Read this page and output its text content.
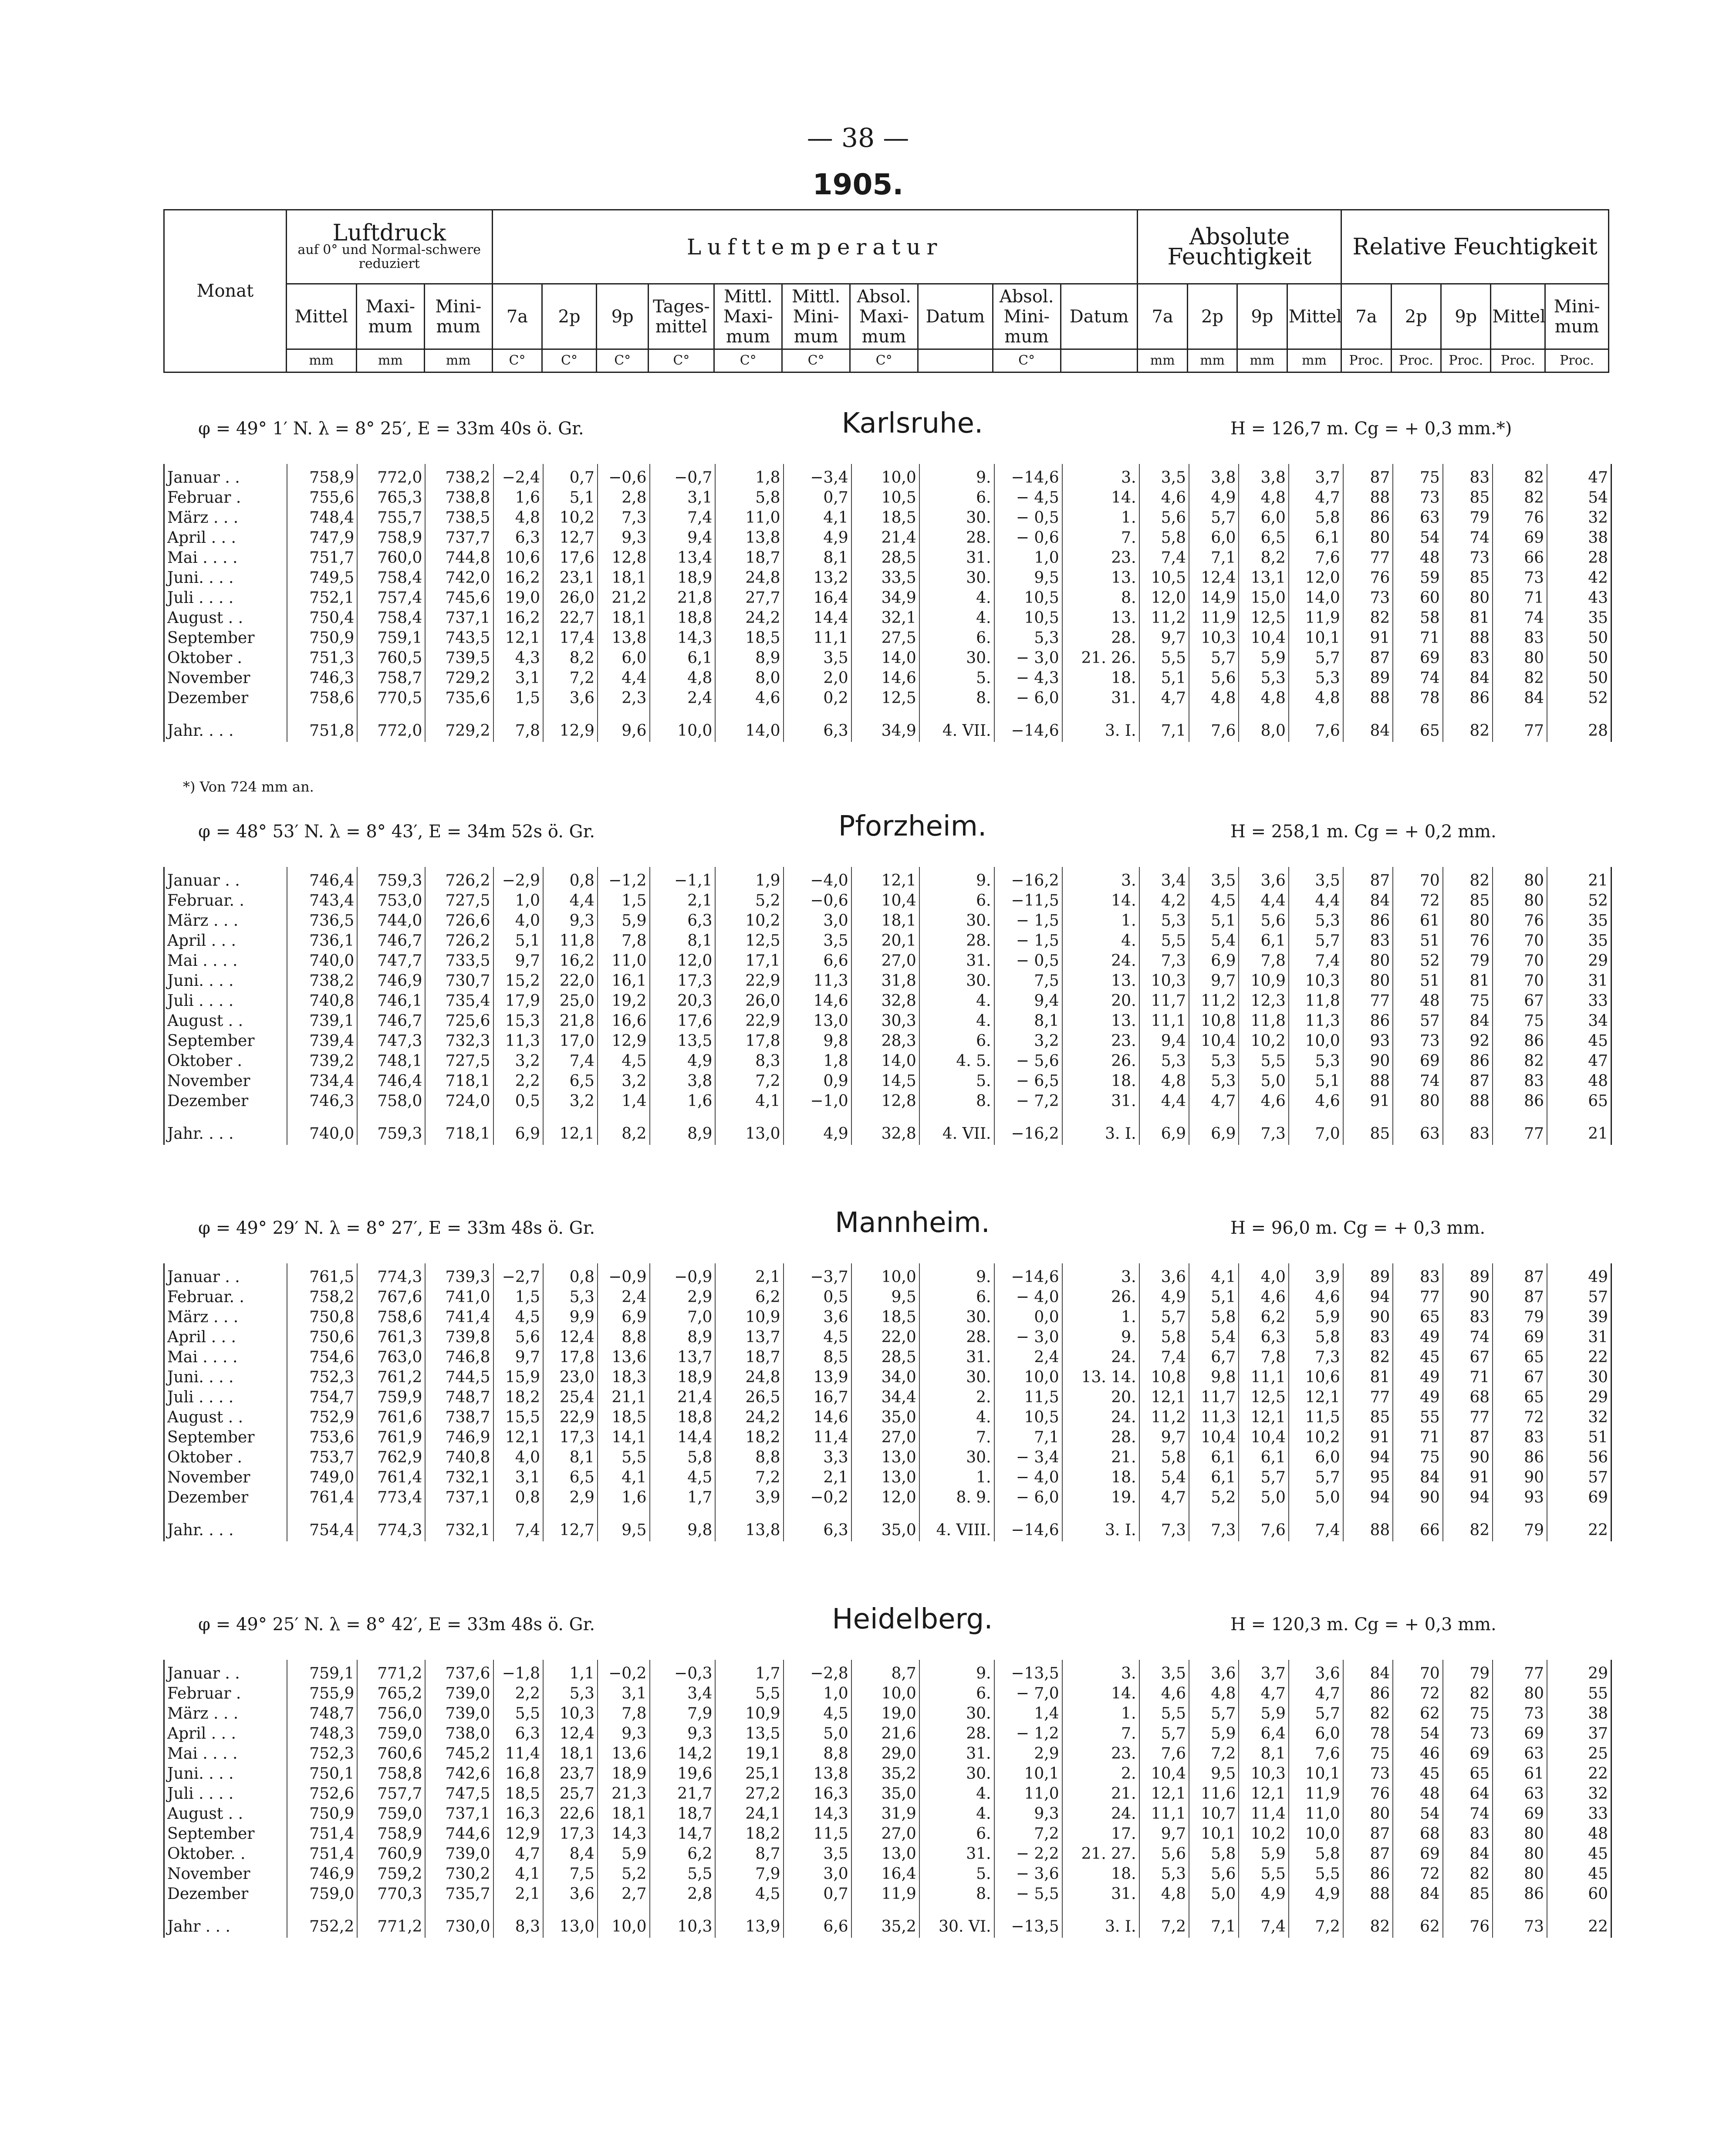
— 38 —
1905.
Monat	Luftdruck
auf 0° und Normal-schwere reduziert			Lufttemperatur										Absolute Feuchtigkeit				Relative Feuchtigkeit				
	Mittel	Maxi-mum	Mini-mum	7a	2p	9p	Tages-mittel	Mittl. Maxi-mum	Mittl. Mini-mum	Absol. Maxi-mum	Datum	Absol. Mini-mum	Datum	7a	2p	9p	Mittel	7a	2p	9p	Mittel	Mini-mum
	mm	mm	mm	C°	C°	C°	C°	C°	C°	C°		C°		mm	mm	mm	mm	Proc.	Proc.	Proc.	Proc.	Proc.
φ = 49° 1′ N. λ = 8° 25′, E = 33m 40s ö. Gr.	Karlsruhe.	H = 126,7 m. Cg = + 0,3 mm.*)
Januar . .	758,9	772,0	738,2	−2,4	0,7	−0,6	−0,7	1,8	−3,4	10,0	9.	−14,6	3.	3,5	3,8	3,8	3,7	87	75	83	82	47
Februar .	755,6	765,3	738,8	1,6	5,1	2,8	3,1	5,8	0,7	10,5	6.	− 4,5	14.	4,6	4,9	4,8	4,7	88	73	85	82	54
März . . .	748,4	755,7	738,5	4,8	10,2	7,3	7,4	11,0	4,1	18,5	30.	− 0,5	1.	5,6	5,7	6,0	5,8	86	63	79	76	32
April . . .	747,9	758,9	737,7	6,3	12,7	9,3	9,4	13,8	4,9	21,4	28.	− 0,6	7.	5,8	6,0	6,5	6,1	80	54	74	69	38
Mai . . . .	751,7	760,0	744,8	10,6	17,6	12,8	13,4	18,7	8,1	28,5	31.	1,0	23.	7,4	7,1	8,2	7,6	77	48	73	66	28
Juni. . . .	749,5	758,4	742,0	16,2	23,1	18,1	18,9	24,8	13,2	33,5	30.	9,5	13.	10,5	12,4	13,1	12,0	76	59	85	73	42
Juli . . . .	752,1	757,4	745,6	19,0	26,0	21,2	21,8	27,7	16,4	34,9	4.	10,5	8.	12,0	14,9	15,0	14,0	73	60	80	71	43
August . .	750,4	758,4	737,1	16,2	22,7	18,1	18,8	24,2	14,4	32,1	4.	10,5	13.	11,2	11,9	12,5	11,9	82	58	81	74	35
September	750,9	759,1	743,5	12,1	17,4	13,8	14,3	18,5	11,1	27,5	6.	5,3	28.	9,7	10,3	10,4	10,1	91	71	88	83	50
Oktober .	751,3	760,5	739,5	4,3	8,2	6,0	6,1	8,9	3,5	14,0	30.	− 3,0	21. 26.	5,5	5,7	5,9	5,7	87	69	83	80	50
November	746,3	758,7	729,2	3,1	7,2	4,4	4,8	8,0	2,0	14,6	5.	− 4,3	18.	5,1	5,6	5,3	5,3	89	74	84	82	50
Dezember	758,6	770,5	735,6	1,5	3,6	2,3	2,4	4,6	0,2	12,5	8.	− 6,0	31.	4,7	4,8	4,8	4,8	88	78	86	84	52
Jahr. . . .	751,8	772,0	729,2	7,8	12,9	9,6	10,0	14,0	6,3	34,9	4. VII.	−14,6	3. I.	7,1	7,6	8,0	7,6	84	65	82	77	28
*) Von 724 mm an.
φ = 48° 53′ N. λ = 8° 43′, E = 34m 52s ö. Gr.	Pforzheim.	H = 258,1 m. Cg = + 0,2 mm.
Januar . .	746,4	759,3	726,2	−2,9	0,8	−1,2	−1,1	1,9	−4,0	12,1	9.	−16,2	3.	3,4	3,5	3,6	3,5	87	70	82	80	21
Februar. .	743,4	753,0	727,5	1,0	4,4	1,5	2,1	5,2	−0,6	10,4	6.	−11,5	14.	4,2	4,5	4,4	4,4	84	72	85	80	52
März . . .	736,5	744,0	726,6	4,0	9,3	5,9	6,3	10,2	3,0	18,1	30.	− 1,5	1.	5,3	5,1	5,6	5,3	86	61	80	76	35
April . . .	736,1	746,7	726,2	5,1	11,8	7,8	8,1	12,5	3,5	20,1	28.	− 1,5	4.	5,5	5,4	6,1	5,7	83	51	76	70	35
Mai . . . .	740,0	747,7	733,5	9,7	16,2	11,0	12,0	17,1	6,6	27,0	31.	− 0,5	24.	7,3	6,9	7,8	7,4	80	52	79	70	29
Juni. . . .	738,2	746,9	730,7	15,2	22,0	16,1	17,3	22,9	11,3	31,8	30.	7,5	13.	10,3	9,7	10,9	10,3	80	51	81	70	31
Juli . . . .	740,8	746,1	735,4	17,9	25,0	19,2	20,3	26,0	14,6	32,8	4.	9,4	20.	11,7	11,2	12,3	11,8	77	48	75	67	33
August . .	739,1	746,7	725,6	15,3	21,8	16,6	17,6	22,9	13,0	30,3	4.	8,1	13.	11,1	10,8	11,8	11,3	86	57	84	75	34
September	739,4	747,3	732,3	11,3	17,0	12,9	13,5	17,8	9,8	28,3	6.	3,2	23.	9,4	10,4	10,2	10,0	93	73	92	86	45
Oktober .	739,2	748,1	727,5	3,2	7,4	4,5	4,9	8,3	1,8	14,0	4. 5.	− 5,6	26.	5,3	5,3	5,5	5,3	90	69	86	82	47
November	734,4	746,4	718,1	2,2	6,5	3,2	3,8	7,2	0,9	14,5	5.	− 6,5	18.	4,8	5,3	5,0	5,1	88	74	87	83	48
Dezember	746,3	758,0	724,0	0,5	3,2	1,4	1,6	4,1	−1,0	12,8	8.	− 7,2	31.	4,4	4,7	4,6	4,6	91	80	88	86	65
Jahr. . . .	740,0	759,3	718,1	6,9	12,1	8,2	8,9	13,0	4,9	32,8	4. VII.	−16,2	3. I.	6,9	6,9	7,3	7,0	85	63	83	77	21
φ = 49° 29′ N. λ = 8° 27′, E = 33m 48s ö. Gr.	Mannheim.	H = 96,0 m. Cg = + 0,3 mm.
Januar . .	761,5	774,3	739,3	−2,7	0,8	−0,9	−0,9	2,1	−3,7	10,0	9.	−14,6	3.	3,6	4,1	4,0	3,9	89	83	89	87	49
Februar. .	758,2	767,6	741,0	1,5	5,3	2,4	2,9	6,2	0,5	9,5	6.	− 4,0	26.	4,9	5,1	4,6	4,6	94	77	90	87	57
März . . .	750,8	758,6	741,4	4,5	9,9	6,9	7,0	10,9	3,6	18,5	30.	0,0	1.	5,7	5,8	6,2	5,9	90	65	83	79	39
April . . .	750,6	761,3	739,8	5,6	12,4	8,8	8,9	13,7	4,5	22,0	28.	− 3,0	9.	5,8	5,4	6,3	5,8	83	49	74	69	31
Mai . . . .	754,6	763,0	746,8	9,7	17,8	13,6	13,7	18,7	8,5	28,5	31.	2,4	24.	7,4	6,7	7,8	7,3	82	45	67	65	22
Juni. . . .	752,3	761,2	744,5	15,9	23,0	18,3	18,9	24,8	13,9	34,0	30.	10,0	13. 14.	10,8	9,8	11,1	10,6	81	49	71	67	30
Juli . . . .	754,7	759,9	748,7	18,2	25,4	21,1	21,4	26,5	16,7	34,4	2.	11,5	20.	12,1	11,7	12,5	12,1	77	49	68	65	29
August . .	752,9	761,6	738,7	15,5	22,9	18,5	18,8	24,2	14,6	35,0	4.	10,5	24.	11,2	11,3	12,1	11,5	85	55	77	72	32
September	753,6	761,9	746,9	12,1	17,3	14,1	14,4	18,2	11,4	27,0	7.	7,1	28.	9,7	10,4	10,4	10,2	91	71	87	83	51
Oktober .	753,7	762,9	740,8	4,0	8,1	5,5	5,8	8,8	3,3	13,0	30.	− 3,4	21.	5,8	6,1	6,1	6,0	94	75	90	86	56
November	749,0	761,4	732,1	3,1	6,5	4,1	4,5	7,2	2,1	13,0	1.	− 4,0	18.	5,4	6,1	5,7	5,7	95	84	91	90	57
Dezember	761,4	773,4	737,1	0,8	2,9	1,6	1,7	3,9	−0,2	12,0	8. 9.	− 6,0	19.	4,7	5,2	5,0	5,0	94	90	94	93	69
Jahr. . . .	754,4	774,3	732,1	7,4	12,7	9,5	9,8	13,8	6,3	35,0	4. VIII.	−14,6	3. I.	7,3	7,3	7,6	7,4	88	66	82	79	22
φ = 49° 25′ N. λ = 8° 42′, E = 33m 48s ö. Gr.	Heidelberg.	H = 120,3 m. Cg = + 0,3 mm.
Januar . .	759,1	771,2	737,6	−1,8	1,1	−0,2	−0,3	1,7	−2,8	8,7	9.	−13,5	3.	3,5	3,6	3,7	3,6	84	70	79	77	29
Februar .	755,9	765,2	739,0	2,2	5,3	3,1	3,4	5,5	1,0	10,0	6.	− 7,0	14.	4,6	4,8	4,7	4,7	86	72	82	80	55
März . . .	748,7	756,0	739,0	5,5	10,3	7,8	7,9	10,9	4,5	19,0	30.	1,4	1.	5,5	5,7	5,9	5,7	82	62	75	73	38
April . . .	748,3	759,0	738,0	6,3	12,4	9,3	9,3	13,5	5,0	21,6	28.	− 1,2	7.	5,7	5,9	6,4	6,0	78	54	73	69	37
Mai . . . .	752,3	760,6	745,2	11,4	18,1	13,6	14,2	19,1	8,8	29,0	31.	2,9	23.	7,6	7,2	8,1	7,6	75	46	69	63	25
Juni. . . .	750,1	758,8	742,6	16,8	23,7	18,9	19,6	25,1	13,8	35,2	30.	10,1	2.	10,4	9,5	10,3	10,1	73	45	65	61	22
Juli . . . .	752,6	757,7	747,5	18,5	25,7	21,3	21,7	27,2	16,3	35,0	4.	11,0	21.	12,1	11,6	12,1	11,9	76	48	64	63	32
August . .	750,9	759,0	737,1	16,3	22,6	18,1	18,7	24,1	14,3	31,9	4.	9,3	24.	11,1	10,7	11,4	11,0	80	54	74	69	33
September	751,4	758,9	744,6	12,9	17,3	14,3	14,7	18,2	11,5	27,0	6.	7,2	17.	9,7	10,1	10,2	10,0	87	68	83	80	48
Oktober. .	751,4	760,9	739,0	4,7	8,4	5,9	6,2	8,7	3,5	13,0	31.	− 2,2	21. 27.	5,6	5,8	5,9	5,8	87	69	84	80	45
November	746,9	759,2	730,2	4,1	7,5	5,2	5,5	7,9	3,0	16,4	5.	− 3,6	18.	5,3	5,6	5,5	5,5	86	72	82	80	45
Dezember	759,0	770,3	735,7	2,1	3,6	2,7	2,8	4,5	0,7	11,9	8.	− 5,5	31.	4,8	5,0	4,9	4,9	88	84	85	86	60
Jahr . . .	752,2	771,2	730,0	8,3	13,0	10,0	10,3	13,9	6,6	35,2	30. VI.	−13,5	3. I.	7,2	7,1	7,4	7,2	82	62	76	73	22
